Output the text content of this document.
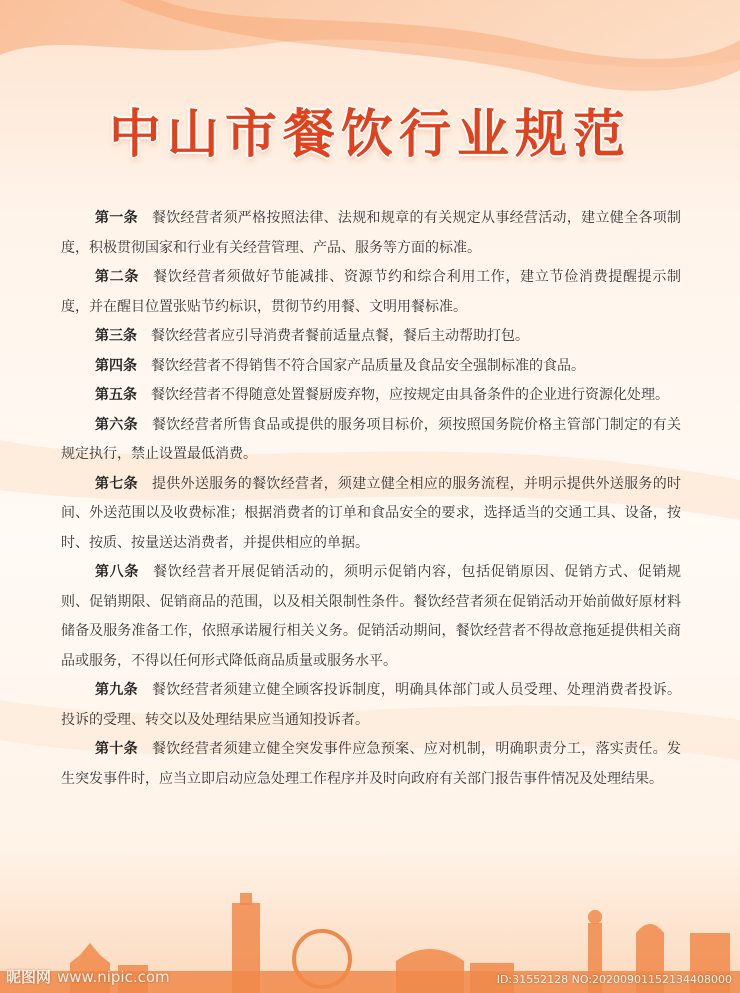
中山市餐饮行业规范

第一条 餐饮经营者须严格按照法律、法规和规章的有关规定从事经营活动，建立健全各项制度，积极贯彻国家和行业有关经营管理、产品、服务等方面的标准。

第二条 餐饮经营者须做好节能减排、资源节约和综合利用工作，建立节俭消费提醒提示制度，并在醒目位置张贴节约标识，贯彻节约用餐、文明用餐标准。

第三条 餐饮经营者应引导消费者餐前适量点餐，餐后主动帮助打包。

第四条 餐饮经营者不得销售不符合国家产品质量及食品安全强制标准的食品。

第五条 餐饮经营者不得随意处置餐厨废弃物，应按规定由具备条件的企业进行资源化处理。

第六条 餐饮经营者所售食品或提供的服务项目标价，须按照国务院价格主管部门制定的有关规定执行，禁止设置最低消费。

第七条 提供外送服务的餐饮经营者，须建立健全相应的服务流程，并明示提供外送服务的时间、外送范围以及收费标准；根据消费者的订单和食品安全的要求，选择适当的交通工具、设备，按时、按质、按量送达消费者，并提供相应的单据。

第八条 餐饮经营者开展促销活动的，须明示促销内容，包括促销原因、促销方式、促销规则、促销期限、促销商品的范围，以及相关限制性条件。餐饮经营者须在促销活动开始前做好原材料储备及服务准备工作，依照承诺履行相关义务。促销活动期间，餐饮经营者不得故意拖延提供相关商品或服务，不得以任何形式降低商品质量或服务水平。

第九条 餐饮经营者须建立健全顾客投诉制度，明确具体部门或人员受理、处理消费者投诉。投诉的受理、转交以及处理结果应当通知投诉者。

第十条 餐饮经营者须建立健全突发事件应急预案、应对机制，明确职责分工，落实责任。发生突发事件时，应当立即启动应急处理工作程序并及时向政府有关部门报告事件情况及处理结果。

昵图网 www.nipic.com	ID:31552128 NO:20200901152134408000
